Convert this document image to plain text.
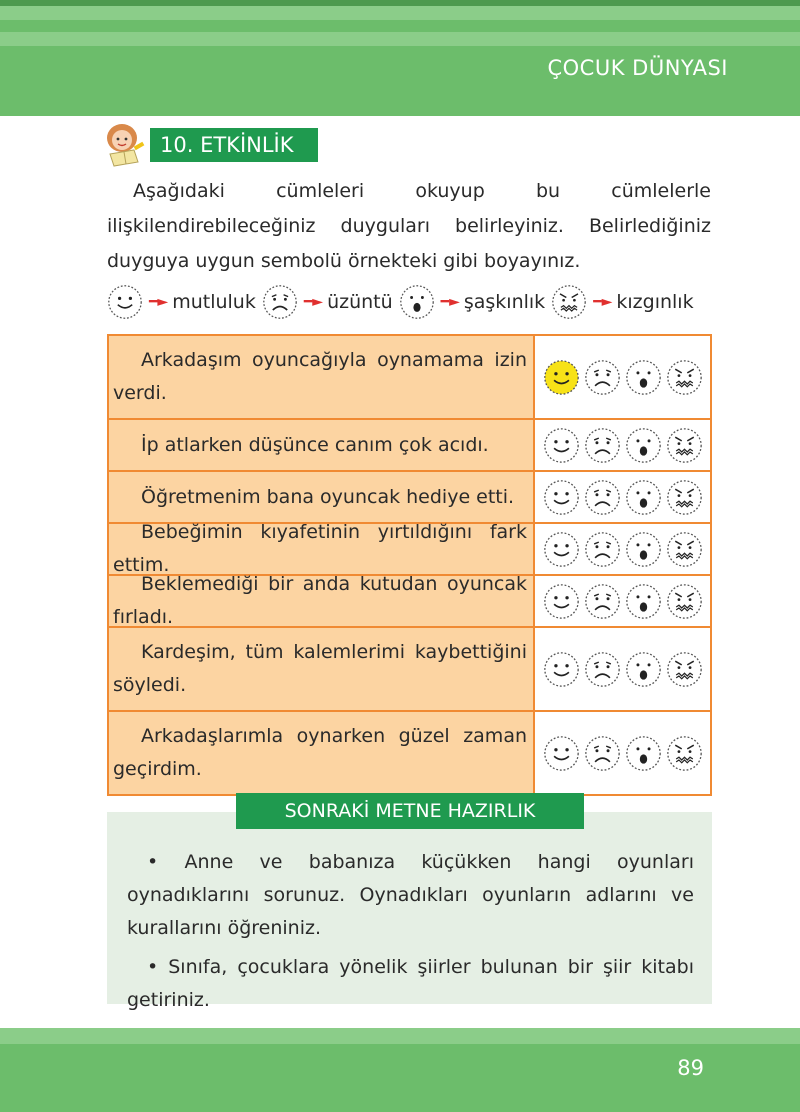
ÇOCUK DÜNYASI
10. ETKİNLİK
Aşağıdaki cümleleri okuyup bu cümlelerle ilişkilendirebileceğiniz duyguları belirleyiniz. Belirlediğiniz duyguya uygun sembolü örnekteki gibi boyayınız.
━► mutluluk	━► üzüntü	━► şaşkınlık	━► kızgınlık
Arkadaşım oyuncağıyla oynamama izin verdi.
İp atlarken düşünce canım çok acıdı.
Öğretmenim bana oyuncak hediye etti.
Bebeğimin kıyafetinin yırtıldığını fark ettim.
Beklemediği bir anda kutudan oyuncak fırladı.
Kardeşim, tüm kalemlerimi kaybettiğini söyledi.
Arkadaşlarımla oynarken güzel zaman geçirdim.

• Anne ve babanıza küçükken hangi oyunları oynadıklarını sorunuz. Oynadıkları oyunların adlarını ve kurallarını öğreniniz.

• Sınıfa, çocuklara yönelik şiirler bulunan bir şiir kitabı getiriniz.

SONRAKİ METNE HAZIRLIK
89
